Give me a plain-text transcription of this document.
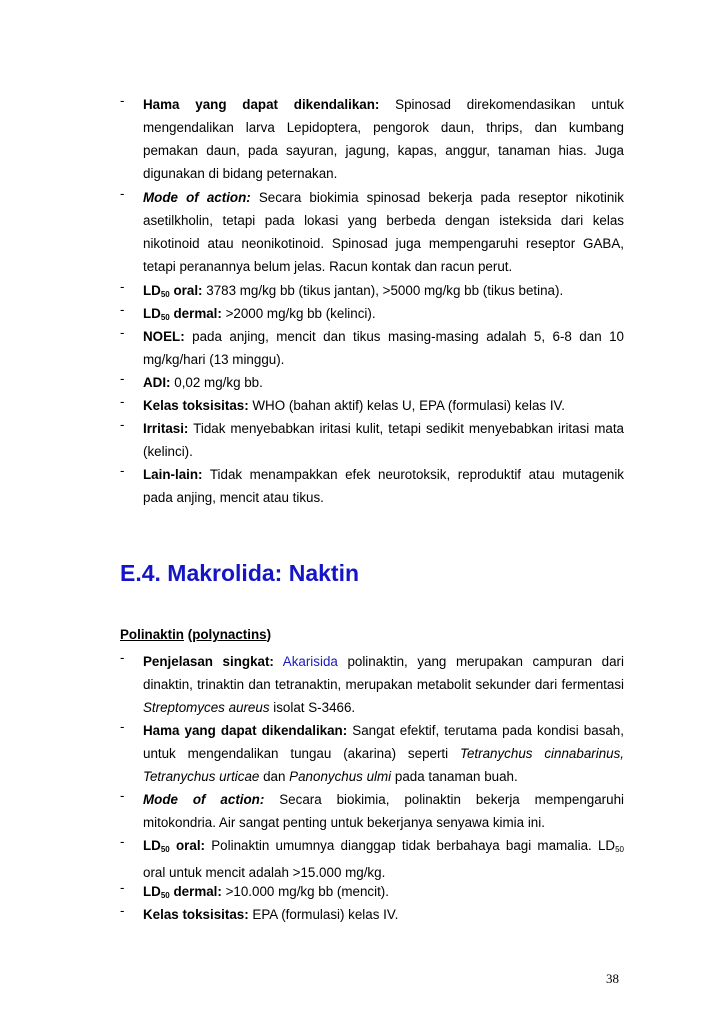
- Hama yang dapat dikendalikan: Spinosad direkomendasikan untuk
mengendalikan larva Lepidoptera, pengorok daun, thrips, dan kumbang
pemakan daun, pada sayuran, jagung, kapas, anggur, tanaman hias. Juga
digunakan di bidang peternakan.
- Mode of action: Secara biokimia spinosad bekerja pada reseptor nikotinik
asetilkholin, tetapi pada lokasi yang berbeda dengan isteksida dari kelas
nikotinoid atau neonikotinoid. Spinosad juga mempengaruhi reseptor GABA,
tetapi peranannya belum jelas. Racun kontak dan racun perut.
- $LD_{50}$ oral: 3783 mg/kg bb (tikus jantan), >5000 mg/kg bb (tikus betina).
- $LD_{50}$ dermal: >2000 mg/kg bb (kelinci).
- NOEL: pada anjing, mencit dan tikus masing-masing adalah 5, 6-8 dan 10
mg/kg/hari (13 minggu).
- ADI: 0,02 mg/kg bb.
- Kelas toksisitas: WHO (bahan aktif) kelas U, EPA (formulasi) kelas IV.
- Irritasi: Tidak menyebabkan iritasi kulit, tetapi sedikit menyebabkan iritasi mata
(kelinci).
- Lain-lain: Tidak menampakkan efek neurotoksik, reproduktif atau mutagenik
pada anjing, mencit atau tikus.
E.4. Makrolida: Naktin
Polinaktin (polynactins)
- Penjelasan singkat: Akarisida polinaktin, yang merupakan campuran dari
dinaktin, trinaktin dan tetranaktin, merupakan metabolit sekunder dari fermentasi
Streptomyces aureus isolat S-3466.
- Hama yang dapat dikendalikan: Sangat efektif, terutama pada kondisi basah,
untuk mengendalikan tungau (akarina) seperti Tetranychus cinnabarinus,
Tetranychus urticae dan Panonychus ulmi pada tanaman buah.
- Mode of action: Secara biokimia, polinaktin bekerja mempengaruhi
mitokondria. Air sangat penting untuk bekerjanya senyawa kimia ini.
- $LD_{50}$ oral: Polinaktin umumnya dianggap tidak berbahaya bagi mamalia. LD50
oral untuk mencit adalah >15.000 mg/kg.
- $LD_{50}$ dermal: >10.000 mg/kg bb (mencit).
- Kelas toksisitas: EPA (formulasi) kelas IV.
38
